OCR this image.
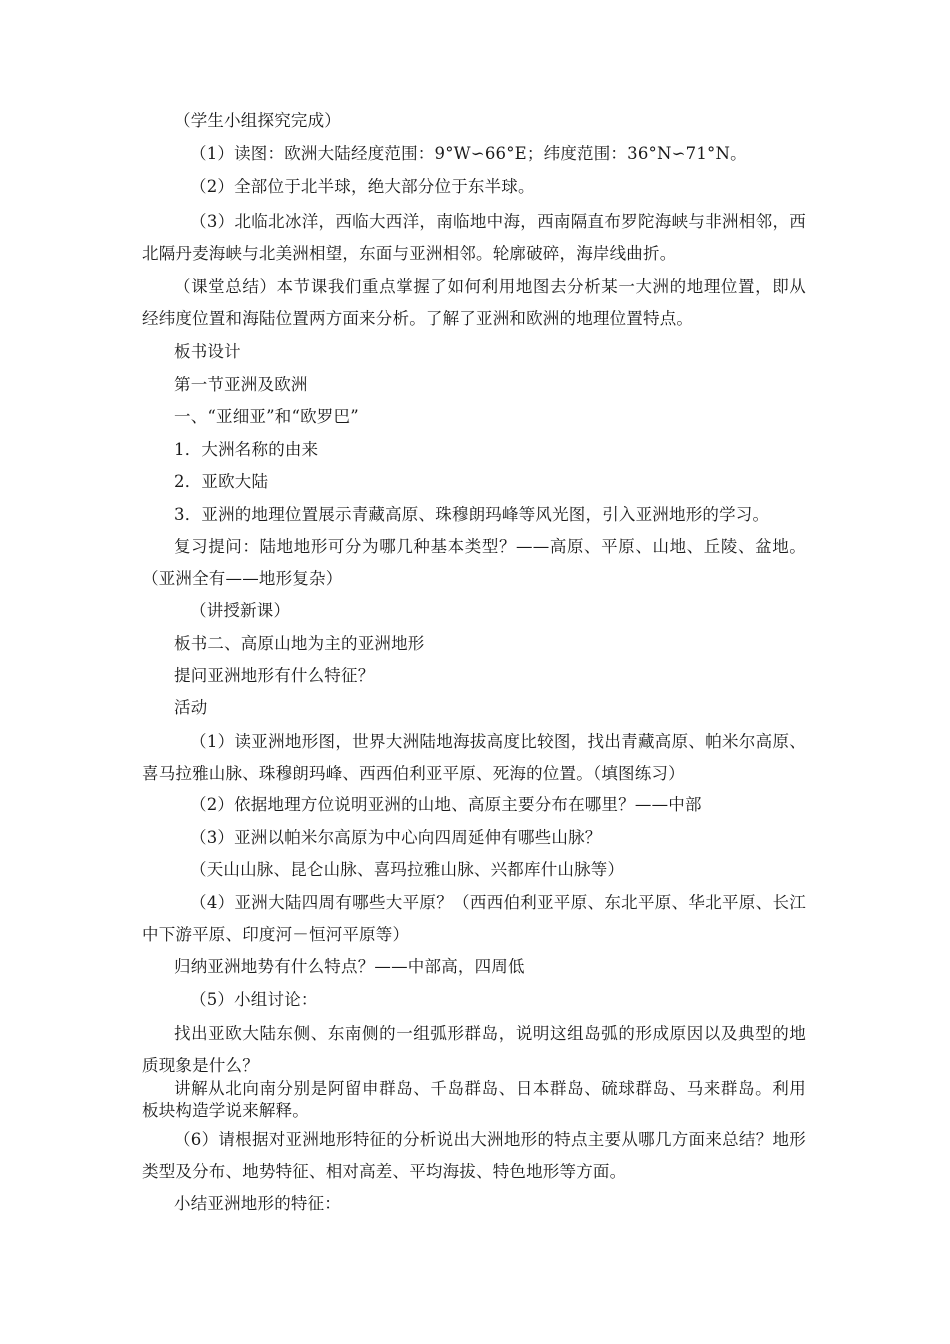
（学生小组探究完成）
（1）读图：欧洲大陆经度范围：9°W∽66°E；纬度范围：36°N∽71°N。
（2）全部位于北半球，绝大部分位于东半球。
（3）北临北冰洋，西临大西洋，南临地中海，西南隔直布罗陀海峡与非洲相邻，西北隔丹麦海峡与北美洲相望，东面与亚洲相邻。轮廓破碎，海岸线曲折。
（课堂总结）本节课我们重点掌握了如何利用地图去分析某一大洲的地理位置，即从经纬度位置和海陆位置两方面来分析。了解了亚洲和欧洲的地理位置特点。
板书设计
第一节亚洲及欧洲
一、“亚细亚”和“欧罗巴”
1．大洲名称的由来
2．亚欧大陆
3．亚洲的地理位置展示青藏高原、珠穆朗玛峰等风光图，引入亚洲地形的学习。
复习提问：陆地地形可分为哪几种基本类型？——高原、平原、山地、丘陵、盆地。（亚洲全有——地形复杂）
（讲授新课）
板书二、高原山地为主的亚洲地形
提问亚洲地形有什么特征？
活动
（1）读亚洲地形图，世界大洲陆地海拔高度比较图，找出青藏高原、帕米尔高原、喜马拉雅山脉、珠穆朗玛峰、西西伯利亚平原、死海的位置。（填图练习）
（2）依据地理方位说明亚洲的山地、高原主要分布在哪里？——中部
（3）亚洲以帕米尔高原为中心向四周延伸有哪些山脉？
（天山山脉、昆仑山脉、喜玛拉雅山脉、兴都库什山脉等）
（4）亚洲大陆四周有哪些大平原？（西西伯利亚平原、东北平原、华北平原、长江中下游平原、印度河－恒河平原等）
归纳亚洲地势有什么特点？——中部高，四周低
（5）小组讨论：
找出亚欧大陆东侧、东南侧的一组弧形群岛，说明这组岛弧的形成原因以及典型的地质现象是什么？
讲解从北向南分别是阿留申群岛、千岛群岛、日本群岛、硫球群岛、马来群岛。利用板块构造学说来解释。
（6）请根据对亚洲地形特征的分析说出大洲地形的特点主要从哪几方面来总结？地形类型及分布、地势特征、相对高差、平均海拔、特色地形等方面。
小结亚洲地形的特征：
